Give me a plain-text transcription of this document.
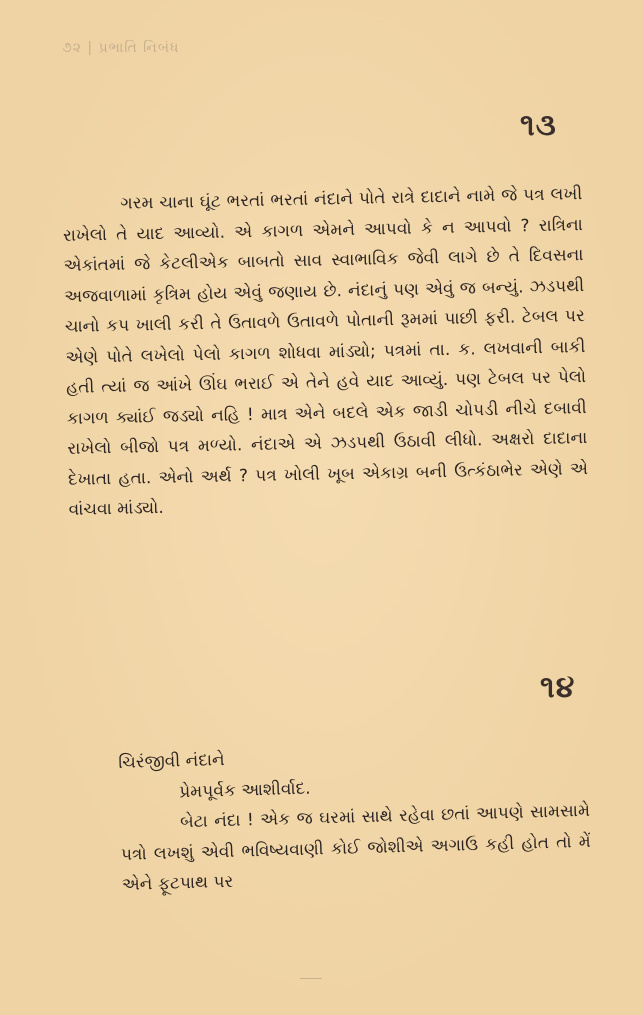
૭૨ | પ્રભાતિ નિબંધ
૧૩
ગરમ ચાના ઘૂંટ ભરતાં ભરતાં નંદાને પોતે રાત્રે દાદાને નામે જે પત્ર લખી રાખેલો તે યાદ આવ્યો. એ કાગળ એમને આપવો કે ન આપવો ? રાત્રિના એકાંતમાં જે કેટલીએક બાબતો સાવ સ્વાભાવિક જેવી લાગે છે તે દિવસના અજવાળામાં કૃત્રિમ હોય એવું જણાય છે. નંદાનું પણ એવું જ બન્યું. ઝડપથી ચાનો કપ ખાલી કરી તે ઉતાવળે ઉતાવળે પોતાની રૂમમાં પાછી ફરી. ટેબલ પર એણે પોતે લખેલો પેલો કાગળ શોધવા માંડ્યો; પત્રમાં તા. ક. લખવાની બાકી હતી ત્યાં જ આંખે ઊંઘ ભરાઈ એ તેને હવે યાદ આવ્યું. પણ ટેબલ પર પેલો કાગળ ક્યાંઈ જડ્યો નહિ ! માત્ર એને બદલે એક જાડી ચોપડી નીચે દબાવી રાખેલો બીજો પત્ર મળ્યો. નંદાએ એ ઝડપથી ઉઠાવી લીધો. અક્ષરો દાદાના દેખાતા હતા. એનો અર્થ ? પત્ર ખોલી ખૂબ એકાગ્ર બની ઉત્કંઠાભેર એણે એ વાંચવા માંડ્યો.
૧૪
ચિરંજીવી નંદાને
પ્રેમપૂર્વક આશીર્વાદ.
બેટા નંદા ! એક જ ઘરમાં સાથે રહેવા છતાં આપણે સામસામે પત્રો લખશું એવી ભવિષ્યવાણી કોઈ જોશીએ અગાઉ કહી હોત તો મેં એને ફૂટપાથ પર
